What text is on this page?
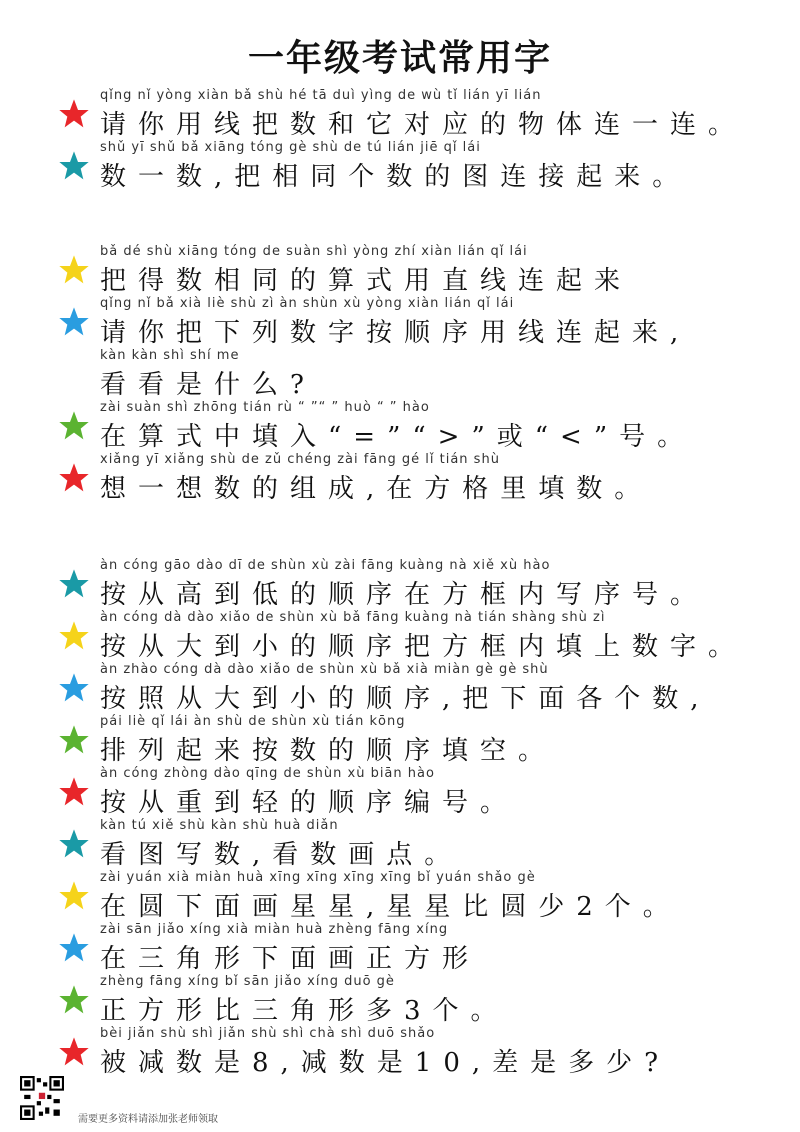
一年级考试常用字
qǐng nǐ yòng xiàn bǎ shù hé tā duì yìng de wù tǐ lián yī lián
请你用线把数和它对应的物体连一连。
shǔ yī shǔ bǎ xiāng tóng gè shù de tú lián jiē qǐ lái
数一数,把相同个数的图连接起来。
bǎ dé shù xiāng tóng de suàn shì yòng zhí xiàn lián qǐ lái
把得数相同的算式用直线连起来
qǐng nǐ bǎ xià liè shù zì àn shùn xù yòng xiàn lián qǐ lái
请你把下列数字按顺序用线连起来,
kàn kàn shì shí me
看看是什么?
zài suàn shì zhōng tián rù “ ”“ ” huò “ ” hào
在算式中填入“=”“>”或“<”号。
xiǎng yī xiǎng shù de zǔ chéng zài fāng gé lǐ tián shù
想一想数的组成,在方格里填数。
àn cóng gāo dào dī de shùn xù zài fāng kuàng nà xiě xù hào
按从高到低的顺序在方框内写序号。
àn cóng dà dào xiǎo de shùn xù bǎ fāng kuàng nà tián shàng shù zì
按从大到小的顺序把方框内填上数字。
àn zhào cóng dà dào xiǎo de shùn xù bǎ xià miàn gè gè shù
按照从大到小的顺序,把下面各个数,
pái liè qǐ lái àn shù de shùn xù tián kōng
排列起来按数的顺序填空。
àn cóng zhòng dào qīng de shùn xù biān hào
按从重到轻的顺序编号。
kàn tú xiě shù kàn shù huà diǎn
看图写数,看数画点。
zài yuán xià miàn huà xīng xīng xīng xīng bǐ yuán shǎo gè
在圆下面画星星,星星比圆少2个。
zài sān jiǎo xíng xià miàn huà zhèng fāng xíng
在三角形下面画正方形
zhèng fāng xíng bǐ sān jiǎo xíng duō gè
正方形比三角形多3个。
bèi jiǎn shù shì jiǎn shù shì chà shì duō shǎo
被减数是8,减数是10,差是多少?
需要更多资料请添加张老师领取
